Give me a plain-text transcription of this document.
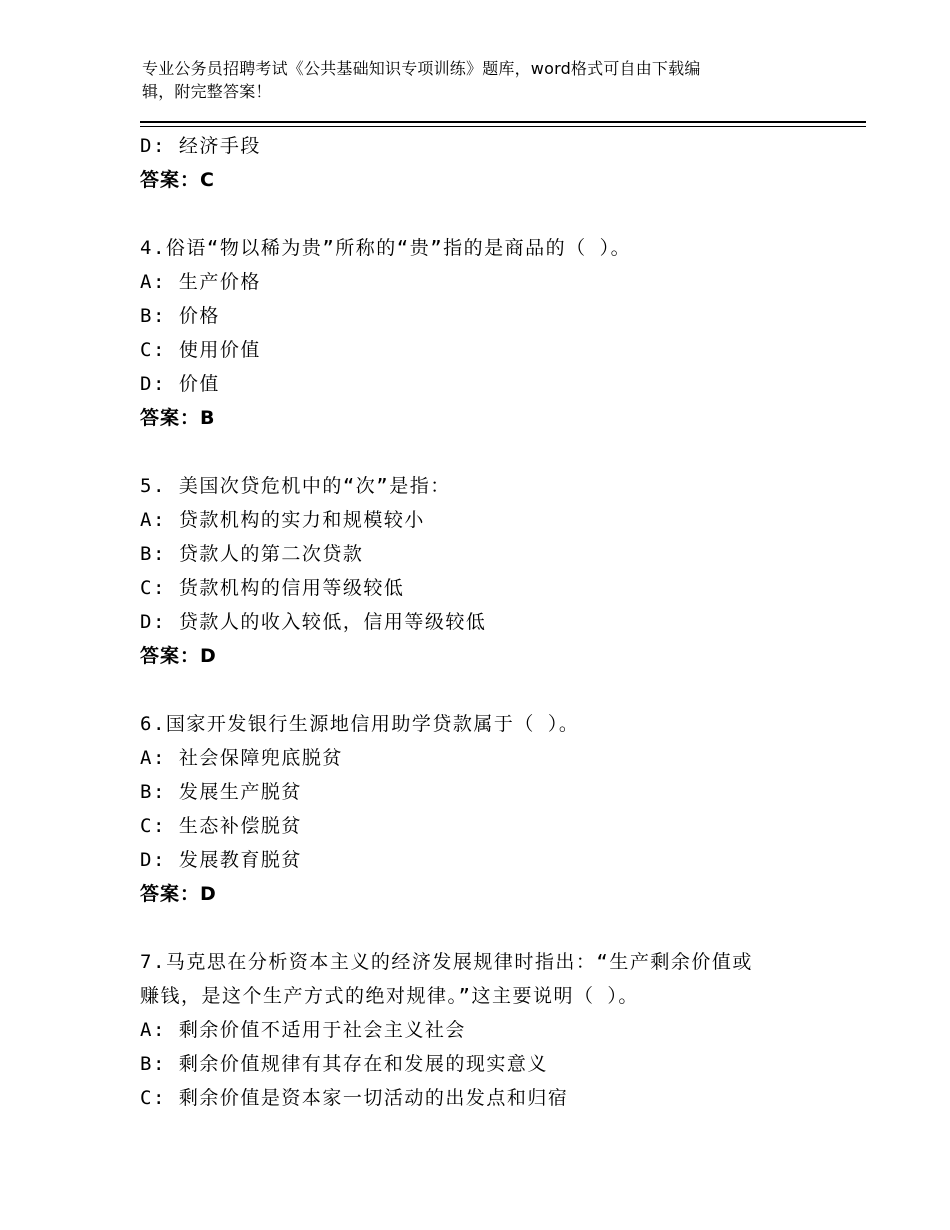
专业公务员招聘考试《公共基础知识专项训练》题库，word格式可自由下载编
辑，附完整答案！
D: 经济手段
答案：C
4.俗语“物以稀为贵”所称的“贵”指的是商品的（ ）。
A: 生产价格
B: 价格
C: 使用价值
D: 价值
答案：B
5. 美国次贷危机中的“次”是指：
A: 贷款机构的实力和规模较小
B: 贷款人的第二次贷款
C: 货款机构的信用等级较低
D: 贷款人的收入较低，信用等级较低
答案：D
6.国家开发银行生源地信用助学贷款属于（ ）。
A: 社会保障兜底脱贫
B: 发展生产脱贫
C: 生态补偿脱贫
D: 发展教育脱贫
答案：D
7.马克思在分析资本主义的经济发展规律时指出：“生产剩余价值或
赚钱，是这个生产方式的绝对规律。”这主要说明（ ）。
A: 剩余价值不适用于社会主义社会
B: 剩余价值规律有其存在和发展的现实意义
C: 剩余价值是资本家一切活动的出发点和归宿
